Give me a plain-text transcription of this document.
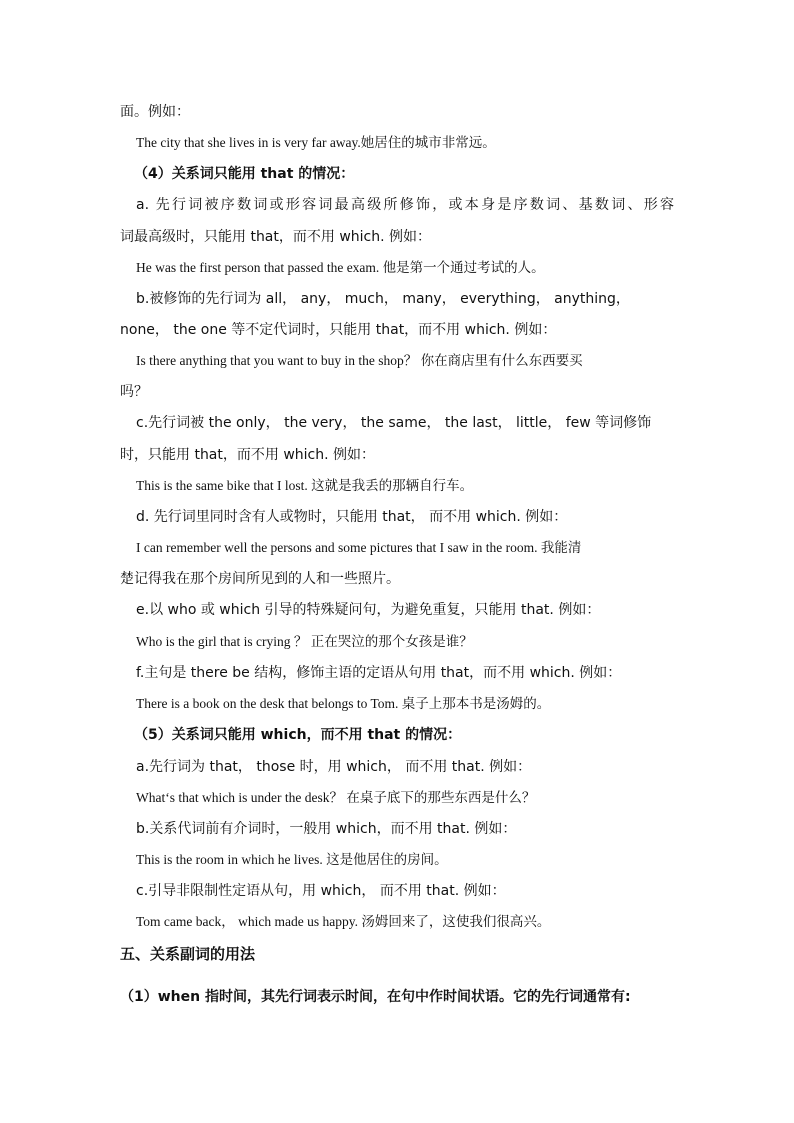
面。例如：
The city that she lives in is very far away.她居住的城市非常远。
（4）关系词只能用 that 的情况：
a. 先行词被序数词或形容词最高级所修饰，或本身是序数词、基数词、形容
词最高级时，只能用 that，而不用 which. 例如：
He was the first person that passed the exam. 他是第一个通过考试的人。
b.被修饰的先行词为 all， any， much， many， everything， anything，
none， the one 等不定代词时，只能用 that，而不用 which. 例如：
Is there anything that you want to buy in the shop？ 你在商店里有什么东西要买
吗？
c.先行词被 the only， the very， the same， the last， little， few 等词修饰
时，只能用 that，而不用 which. 例如：
This is the same bike that I lost. 这就是我丢的那辆自行车。
d. 先行词里同时含有人或物时，只能用 that， 而不用 which. 例如：
I can remember well the persons and some pictures that I saw in the room. 我能清
楚记得我在那个房间所见到的人和一些照片。
e.以 who 或 which 引导的特殊疑问句，为避免重复，只能用 that. 例如：
Who is the girl that is crying ？ 正在哭泣的那个女孩是谁？
f.主句是 there be 结构，修饰主语的定语从句用 that，而不用 which. 例如：
There is a book on the desk that belongs to Tom. 桌子上那本书是汤姆的。
（5）关系词只能用 which，而不用 that 的情况：
a.先行词为 that， those 时，用 which， 而不用 that. 例如：
What‘s that which is under the desk？ 在桌子底下的那些东西是什么？
b.关系代词前有介词时，一般用 which，而不用 that. 例如：
This is the room in which he lives. 这是他居住的房间。
c.引导非限制性定语从句，用 which， 而不用 that. 例如：
Tom came back， which made us happy. 汤姆回来了，这使我们很高兴。
五、关系副词的用法
（1）when 指时间，其先行词表示时间，在句中作时间状语。它的先行词通常有:
